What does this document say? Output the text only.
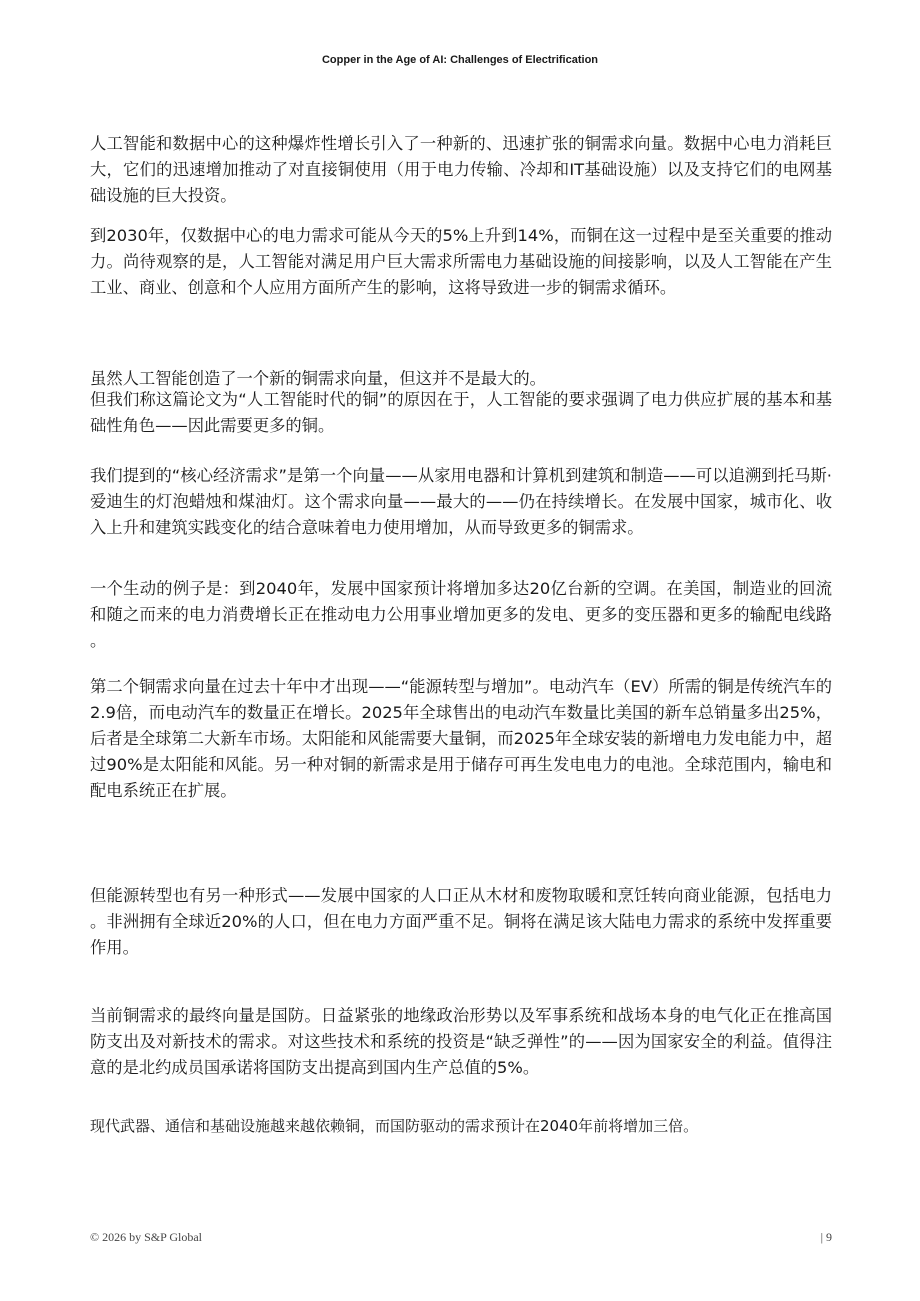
Copper in the Age of AI: Challenges of Electrification

人工智能和数据中心的这种爆炸性增长引入了一种新的、迅速扩张的铜需求向量。数据中心电力消耗巨大，它们的迅速增加推动了对直接铜使用（用于电力传输、冷却和IT基础设施）以及支持它们的电网基础设施的巨大投资。

到2030年，仅数据中心的电力需求可能从今天的5%上升到14%，而铜在这一过程中是至关重要的推动力。尚待观察的是，人工智能对满足用户巨大需求所需电力基础设施的间接影响，以及人工智能在产生工业、商业、创意和个人应用方面所产生的影响，这将导致进一步的铜需求循环。

虽然人工智能创造了一个新的铜需求向量，但这并不是最大的。

但我们称这篇论文为“人工智能时代的铜”的原因在于，人工智能的要求强调了电力供应扩展的基本和基础性角色——因此需要更多的铜。

我们提到的“核心经济需求”是第一个向量——从家用电器和计算机到建筑和制造——可以追溯到托马斯·爱迪生的灯泡蜡烛和煤油灯。这个需求向量——最大的——仍在持续增长。在发展中国家，城市化、收入上升和建筑实践变化的结合意味着电力使用增加，从而导致更多的铜需求。

一个生动的例子是：到2040年，发展中国家预计将增加多达20亿台新的空调。在美国，制造业的回流和随之而来的电力消费增长正在推动电力公用事业增加更多的发电、更多的变压器和更多的输配电线路。

第二个铜需求向量在过去十年中才出现——“能源转型与增加”。电动汽车（EV）所需的铜是传统汽车的2.9倍，而电动汽车的数量正在增长。2025年全球售出的电动汽车数量比美国的新车总销量多出25%，后者是全球第二大新车市场。太阳能和风能需要大量铜，而2025年全球安装的新增电力发电能力中，超过90%是太阳能和风能。另一种对铜的新需求是用于储存可再生发电电力的电池。全球范围内，输电和配电系统正在扩展。

但能源转型也有另一种形式——发展中国家的人口正从木材和废物取暖和烹饪转向商业能源，包括电力。非洲拥有全球近20%的人口，但在电力方面严重不足。铜将在满足该大陆电力需求的系统中发挥重要作用。

当前铜需求的最终向量是国防。日益紧张的地缘政治形势以及军事系统和战场本身的电气化正在推高国防支出及对新技术的需求。对这些技术和系统的投资是“缺乏弹性”的——因为国家安全的利益。值得注意的是北约成员国承诺将国防支出提高到国内生产总值的5%。

现代武器、通信和基础设施越来越依赖铜，而国防驱动的需求预计在2040年前将增加三倍。

© 2026 by S&P Global	| 9
